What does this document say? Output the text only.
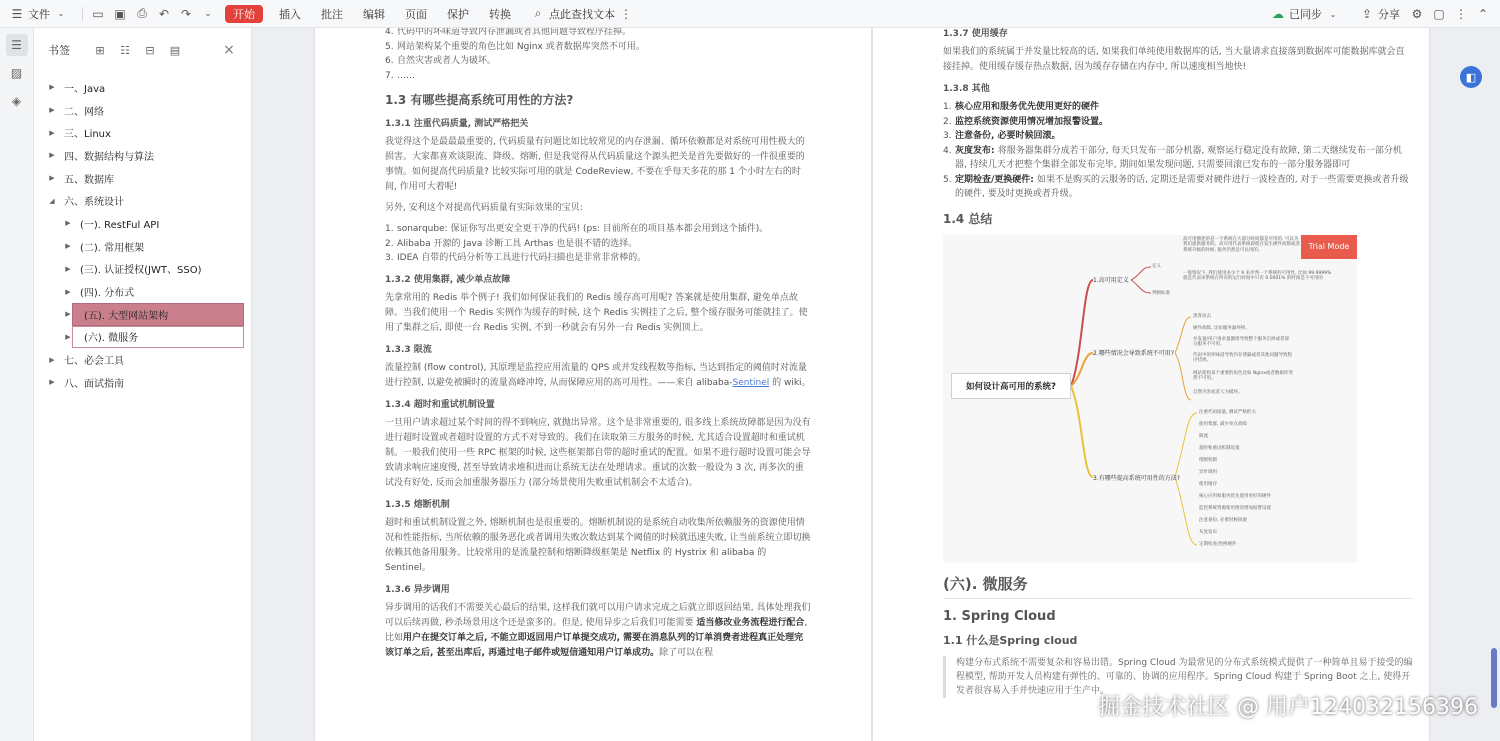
☰ 文件 ⌄	▭ ▣ ⎙	↶ ↷	⌄	开始	插入	批注	编辑	页面	保护	转换	⌕ 点此查找文本 ⋮	☁ 已同步 ⌄	⇪ 分享 ⚙ ▢ ⋮ ⌃
☰
▨
◈
书签	⊞	☷	⊟	▤	×
▶ 一、Java
▶ 二、网络
▶ 三、Linux
▶ 四、数据结构与算法
▶ 五、数据库
◢ 六、系统设计
▶ (一). RestFul API
▶ (二). 常用框架
▶ (三). 认证授权(JWT、SSO)
▶ (四). 分布式
▶	(五). 大型网站架构
▶	(六). 微服务
▶ 七、必会工具
▶ 八、面试指南
4. 代码中的坏味道导致内存泄漏或者其他问题导致程序挂掉。
5. 网站架构某个重要的角色比如 Nginx 或者数据库突然不可用。
6. 自然灾害或者人为破坏。
7. ……
1.3 有哪些提高系统可用性的方法?
1.3.1 注重代码质量, 测试严格把关
我觉得这个是最最最重要的, 代码质量有问题比如比较常见的内存泄漏、循环依赖都是对系统可用性极大的损害。大家都喜欢谈限流、降级、熔断, 但是我觉得从代码质量这个源头把关是首先要做好的一件很重要的事情。如何提高代码质量? 比较实际可用的就是 CodeReview, 不要在乎每天多花的那 1 个小时左右的时间, 作用可大着呢!
另外, 安利这个对提高代码质量有实际效果的宝贝:
1. sonarqube: 保证你写出更安全更干净的代码! (ps: 目前所在的项目基本都会用到这个插件)。
2. Alibaba 开源的 Java 诊断工具 Arthas 也是很不错的选择。
3. IDEA 自带的代码分析等工具进行代码扫描也是非常非常棒的。
1.3.2 使用集群, 减少单点故障
先拿常用的 Redis 举个例子! 我们如何保证我们的 Redis 缓存高可用呢? 答案就是使用集群, 避免单点故障。当我们使用一个 Redis 实例作为缓存的时候, 这个 Redis 实例挂了之后, 整个缓存服务可能就挂了。使用了集群之后, 即使一台 Redis 实例, 不到一秒就会有另外一台 Redis 实例顶上。
1.3.3 限流
流量控制 (flow control), 其原理是监控应用流量的 QPS 或并发线程数等指标, 当达到指定的阈值时对流量进行控制, 以避免被瞬时的流量高峰冲垮, 从而保障应用的高可用性。——来自 alibaba-Sentinel 的 wiki。
1.3.4 超时和重试机制设置
一旦用户请求超过某个时间的得不到响应, 就抛出异常。这个是非常重要的, 很多线上系统故障都是因为没有进行超时设置或者超时设置的方式不对导致的。我们在读取第三方服务的时候, 尤其适合设置超时和重试机制。一般我们使用一些 RPC 框架的时候, 这些框架都自带的超时重试的配置。如果不进行超时设置可能会导致请求响应速度慢, 甚至导致请求堆积进而让系统无法在处理请求。重试的次数一般设为 3 次, 再多次的重试没有好处, 反而会加重服务器压力 (部分场景使用失败重试机制会不太适合)。
1.3.5 熔断机制
超时和重试机制设置之外, 熔断机制也是很重要的。熔断机制说的是系统自动收集所依赖服务的资源使用情况和性能指标, 当所依赖的服务恶化或者调用失败次数达到某个阈值的时候就迅速失败, 让当前系统立即切换依赖其他备用服务。比较常用的是流量控制和熔断降级框架是 Netflix 的 Hystrix 和 alibaba 的 Sentinel。
1.3.6 异步调用
异步调用的话我们不需要关心最后的结果, 这样我们就可以用户请求完成之后就立即返回结果, 具体处理我们可以后续再做, 秒杀场景用这个还是蛮多的。但是, 使用异步之后我们可能需要 适当修改业务流程进行配合, 比如用户在提交订单之后, 不能立即返回用户订单提交成功, 需要在消息队列的订单消费者进程真正处理完该订单之后, 甚至出库后, 再通过电子邮件或短信通知用户订单成功。除了可以在程
1.3.7 使用缓存
如果我们的系统属于并发量比较高的话, 如果我们单纯使用数据库的话, 当大量请求直接落到数据库可能数据库就会直接挂掉。使用缓存缓存热点数据, 因为缓存存储在内存中, 所以速度相当地快!
1.3.8 其他
1. 核心应用和服务优先使用更好的硬件
2. 监控系统资源使用情况增加报警设置。
3. 注意备份, 必要时候回滚。
4. 灰度发布: 将服务器集群分成若干部分, 每天只发布一部分机器, 观察运行稳定没有故障, 第二天继续发布一部分机器, 持续几天才把整个集群全部发布完毕, 期间如果发现问题, 只需要回滚已发布的一部分服务器即可
5. 定期检查/更换硬件: 如果不是购买的云服务的话, 定期还是需要对硬件进行一波检查的, 对于一些需要更换或者升级的硬件, 要及时更换或者升级。
1.4 总结
Trial Mode
如何设计高可用的系统?
1.高可用定义
定义
判断标准
高可用描述的是一个系统在大部分时间都是可用的, 可以为我们提供服务的。高可用代表系统即使在发生硬件故障或者系统升级的时候, 服务仍然是可以用的。
一般情况下, 我们使用多少个 9 来评判一个系统的可用性, 比如 99.9999% 就是代表该系统在所有的运行时间中只有 0.0001% 的时间是不可用的
2.哪些情况会导致系统不可用?
黑客攻击
硬件故障, 比如服务器坏掉。
并发量/用户请求量激增导致整个服务宕掉或者部分服务不可用。
代码中的坏味道导致内存泄漏或者其他问题导致程序挂掉。
网站架构某个重要的角色比如 Nginx或者数据库突然不可用。
自然灾害或者人为破坏。
3.有哪些提高系统可用性的方法?
注重代码质量, 测试严格把关
使用集群, 减少单点故障
限流
超时和重试机制设置
熔断机制
异步调用
使用缓存
核心应用和服务优先使用更好的硬件
监控系统资源使用情况增加报警设置
注意备份, 必要时候回滚
灰度发布
定期检查/更换硬件
(六). 微服务
1. Spring Cloud
1.1 什么是Spring cloud
构建分布式系统不需要复杂和容易出错。Spring Cloud 为最常见的分布式系统模式提供了一种简单且易于接受的编程模型, 帮助开发人员构建有弹性的、可靠的、协调的应用程序。Spring Cloud 构建于 Spring Boot 之上, 使得开发者很容易入手并快速应用于生产中。
◧
掘金技术社区 @ 用户124032156396
